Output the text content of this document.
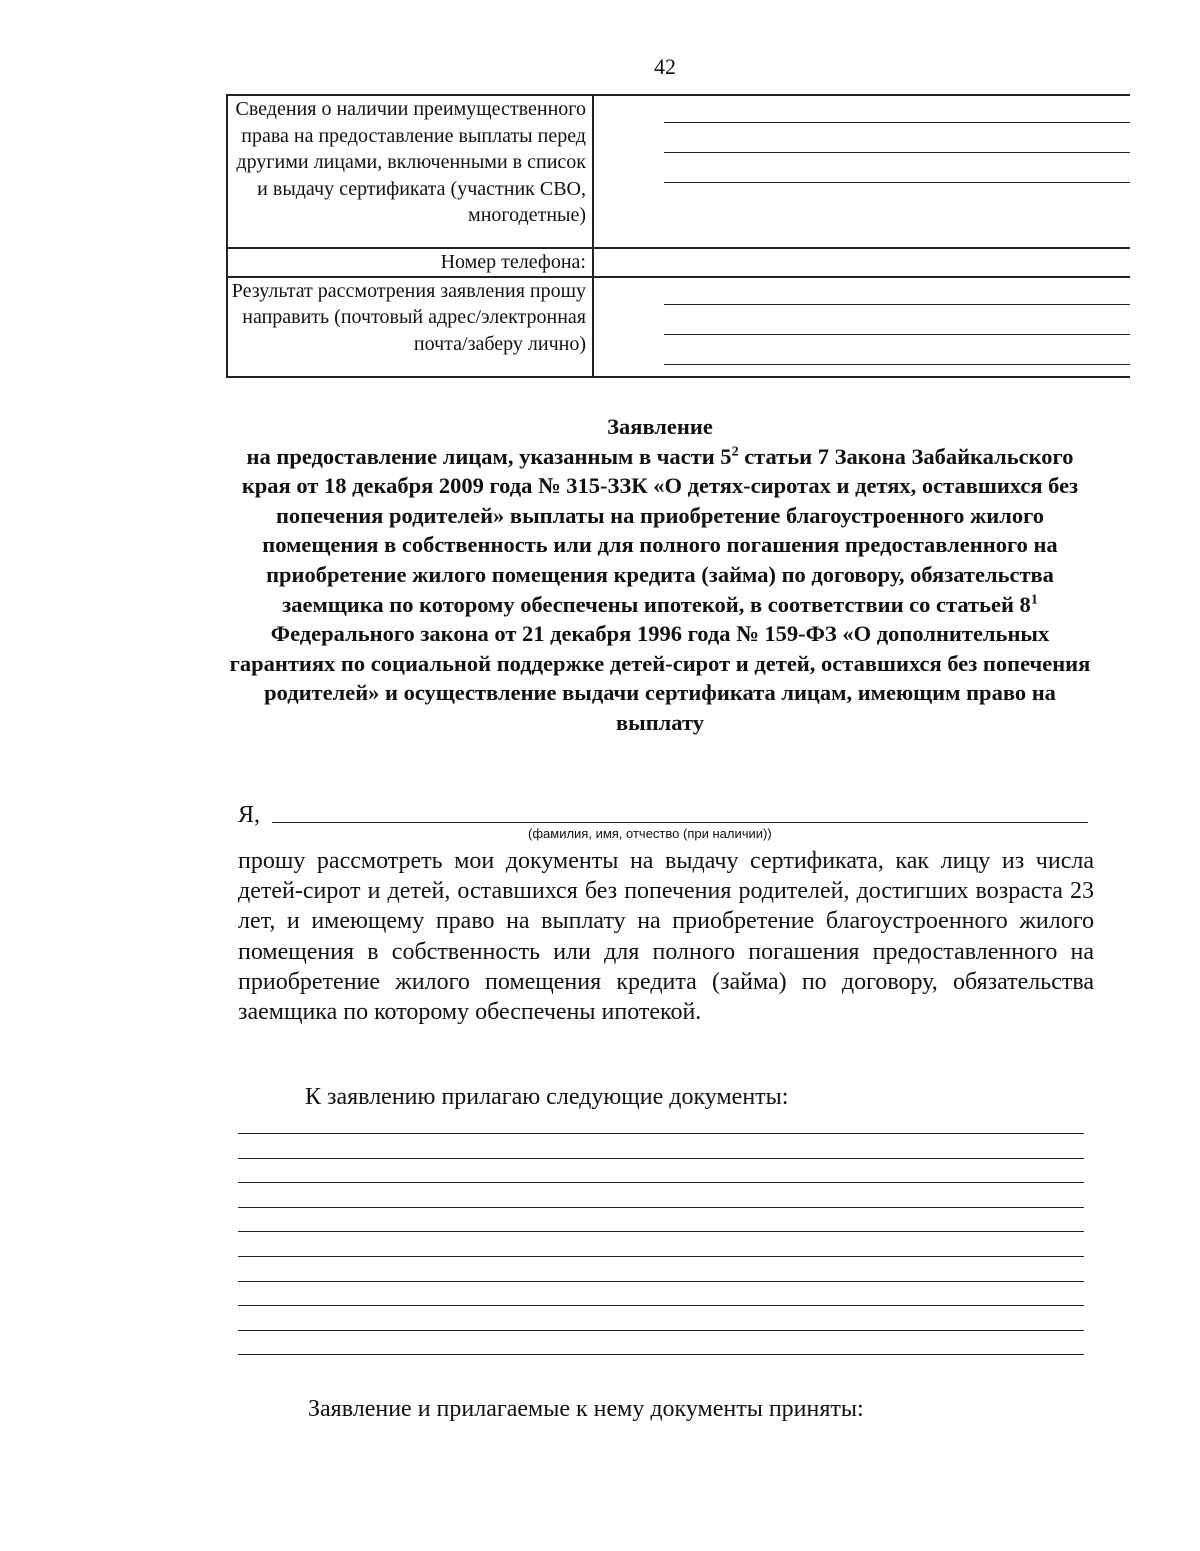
42
Сведения о наличии преимущественного права на предоставление выплаты перед другими лицами, включенными в список и выдачу сертификата (участник СВО, многодетные)	

Номер телефона:	
Результат рассмотрения заявления прошу направить (почтовый адрес/электронная почта/заберу лично)	
Заявление
на предоставление лицам, указанным в части $5^2$ статьи 7 Закона Забайкальского края от 18 декабря 2009 года № 315-ЗЗК «О детях-сиротах и детях, оставшихся без попечения родителей» выплаты на приобретение благоустроенного жилого помещения в собственность или для полного погашения предоставленного на приобретение жилого помещения кредита (займа) по договору, обязательства заемщика по которому обеспечены ипотекой, в соответствии со статьей $8^1$ Федерального закона от 21 декабря 1996 года № 159-ФЗ «О дополнительных гарантиях по социальной поддержке детей-сирот и детей, оставшихся без попечения родителей» и осуществление выдачи сертификата лицам, имеющим право на выплату
Я,
(фамилия, имя, отчество (при наличии))
прошу рассмотреть мои документы на выдачу сертификата, как лицу из числа детей-сирот и детей, оставшихся без попечения родителей, достигших возраста 23 лет, и имеющему право на выплату на приобретение благоустроенного жилого помещения в собственность или для полного погашения предоставленного на приобретение жилого помещения кредита (займа) по договору, обязательства заемщика по которому обеспечены ипотекой.
К заявлению прилагаю следующие документы:
Заявление и прилагаемые к нему документы приняты:
